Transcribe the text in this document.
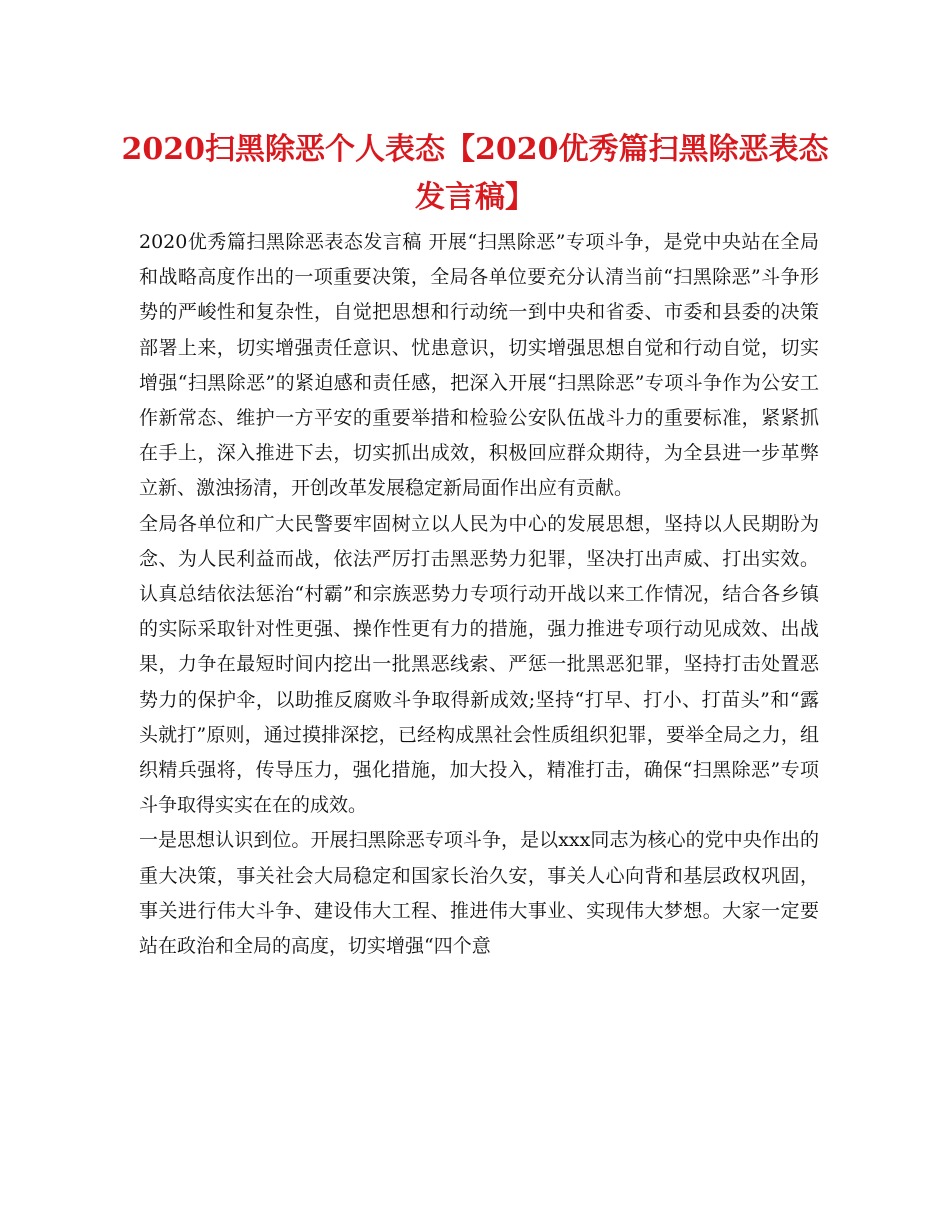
2020扫黑除恶个人表态【2020优秀篇扫黑除恶表态发言稿】

2020优秀篇扫黑除恶表态发言稿 开展“扫黑除恶”专项斗争，是党中央站在全局和战略高度作出的一项重要决策，全局各单位要充分认清当前“扫黑除恶”斗争形势的严峻性和复杂性，自觉把思想和行动统一到中央和省委、市委和县委的决策部署上来，切实增强责任意识、忧患意识，切实增强思想自觉和行动自觉，切实增强“扫黑除恶”的紧迫感和责任感，把深入开展“扫黑除恶”专项斗争作为公安工作新常态、维护一方平安的重要举措和检验公安队伍战斗力的重要标准，紧紧抓在手上，深入推进下去，切实抓出成效，积极回应群众期待，为全县进一步革弊立新、激浊扬清，开创改革发展稳定新局面作出应有贡献。

全局各单位和广大民警要牢固树立以人民为中心的发展思想，坚持以人民期盼为念、为人民利益而战，依法严厉打击黑恶势力犯罪，坚决打出声威、打出实效。认真总结依法惩治“村霸”和宗族恶势力专项行动开战以来工作情况，结合各乡镇的实际采取针对性更强、操作性更有力的措施，强力推进专项行动见成效、出战果，力争在最短时间内挖出一批黑恶线索、严惩一批黑恶犯罪，坚持打击处置恶势力的保护伞，以助推反腐败斗争取得新成效;坚持“打早、打小、打苗头”和“露头就打”原则，通过摸排深挖，已经构成黑社会性质组织犯罪，要举全局之力，组织精兵强将，传导压力，强化措施，加大投入，精准打击，确保“扫黑除恶”专项斗争取得实实在在的成效。

一是思想认识到位。开展扫黑除恶专项斗争，是以xxx同志为核心的党中央作出的重大决策，事关社会大局稳定和国家长治久安，事关人心向背和基层政权巩固，事关进行伟大斗争、建设伟大工程、推进伟大事业、实现伟大梦想。大家一定要站在政治和全局的高度，切实增强“四个意
